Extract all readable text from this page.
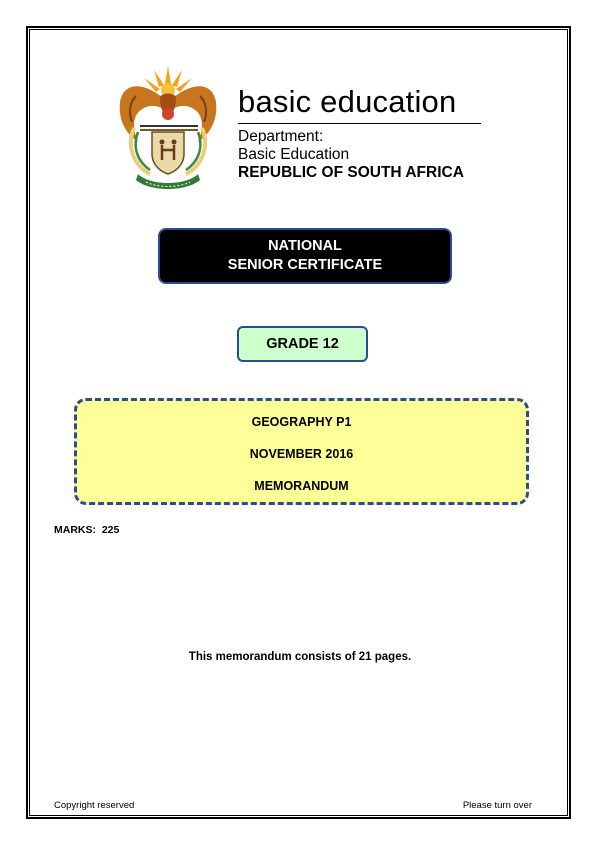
basic education
Department:
Basic Education
REPUBLIC OF SOUTH AFRICA
NATIONAL
SENIOR CERTIFICATE
GRADE 12
GEOGRAPHY P1
NOVEMBER 2016
MEMORANDUM
MARKS:  225
This memorandum consists of 21 pages.
Copyright reserved	Please turn over
